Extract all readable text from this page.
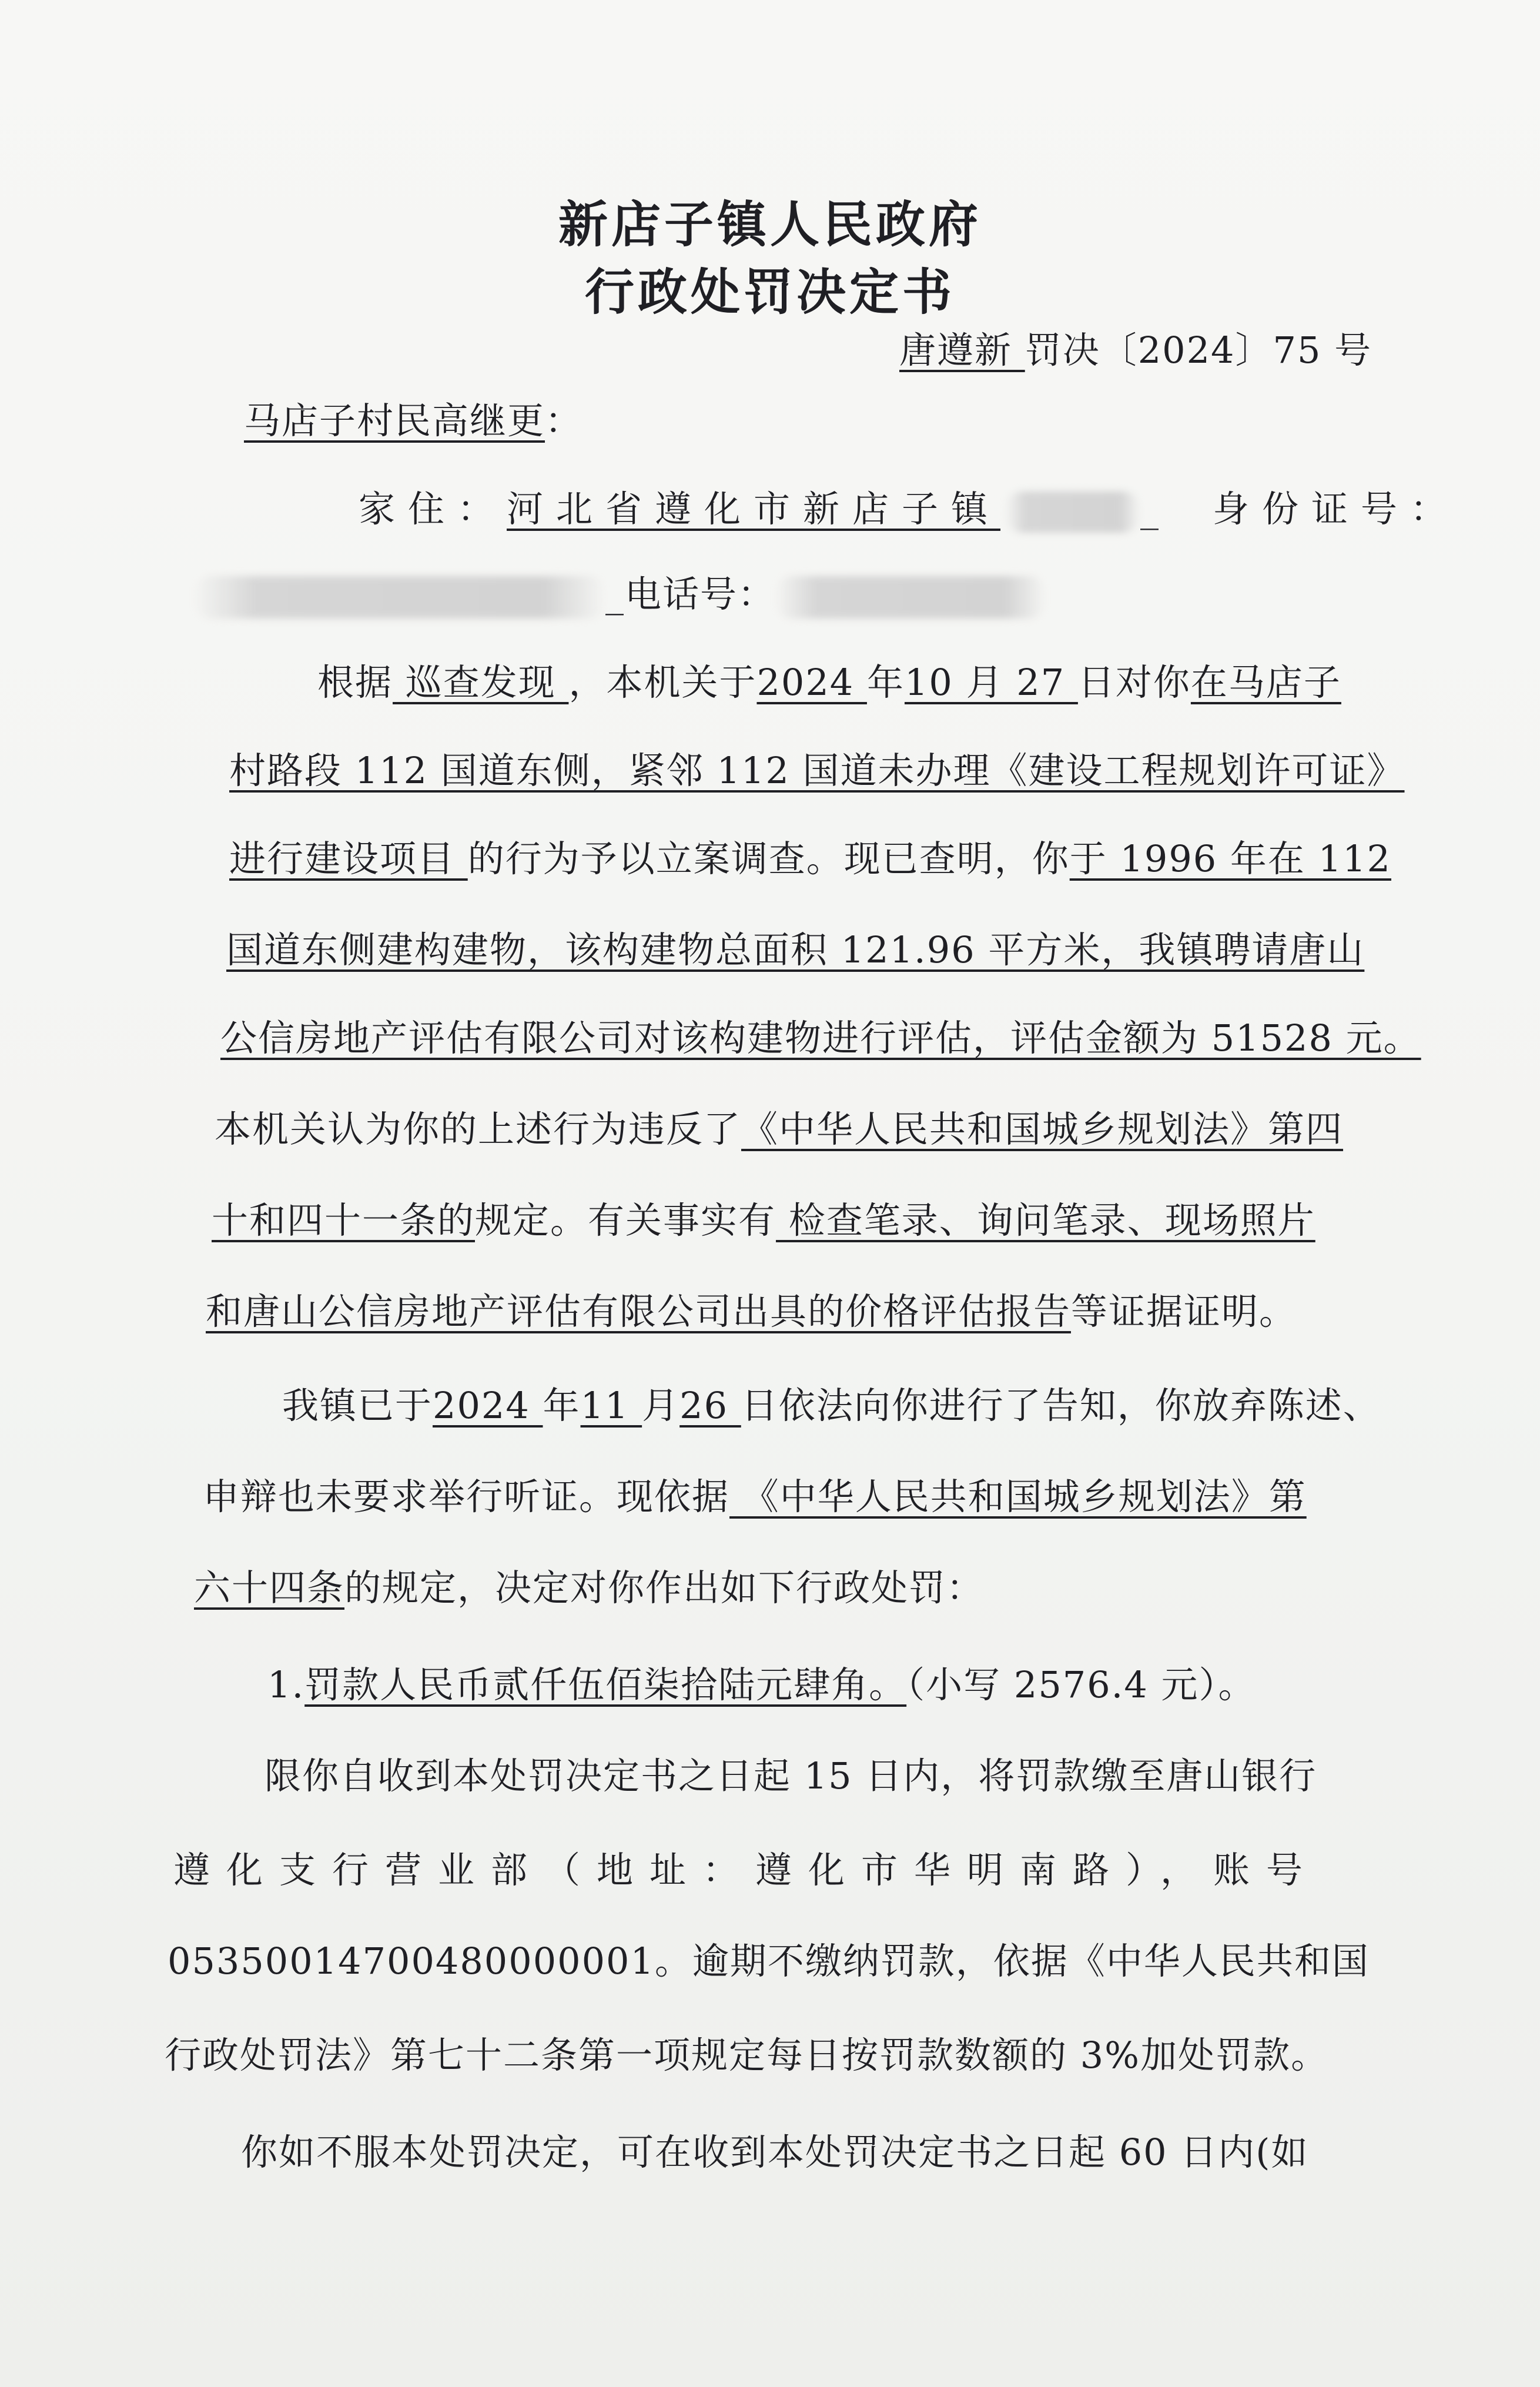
新店子镇人民政府
行政处罚决定书
唐遵新 罚决〔2024〕75 号
马店子村民高继更：
家住：河北省遵化市新店子镇	_ 身份证号：
_电话号：
根据 巡查发现 ，本机关于2024 年10 月 27 日对你在马店子
村路段 112 国道东侧，紧邻 112 国道未办理《建设工程规划许可证》
进行建设项目 的行为予以立案调查。现已查明，你于 1996 年在 112
国道东侧建构建物，该构建物总面积 121.96 平方米，我镇聘请唐山
公信房地产评估有限公司对该构建物进行评估，评估金额为 51528 元。
本机关认为你的上述行为违反了《中华人民共和国城乡规划法》第四
十和四十一条的规定。有关事实有 检查笔录、询问笔录、现场照片
和唐山公信房地产评估有限公司出具的价格评估报告等证据证明。
我镇已于2024 年11 月26 日依法向你进行了告知，你放弃陈述、
申辩也未要求举行听证。现依据 《中华人民共和国城乡规划法》第
六十四条的规定，决定对你作出如下行政处罚：
1.罚款人民币贰仟伍佰柒拾陆元肆角。（小写 2576.4 元）。
限你自收到本处罚决定书之日起 15 日内，将罚款缴至唐山银行
遵化支行营业部（地址：遵化市华明南路），账号
05350014700480000001。逾期不缴纳罚款，依据《中华人民共和国
行政处罚法》第七十二条第一项规定每日按罚款数额的 3%加处罚款。
你如不服本处罚决定，可在收到本处罚决定书之日起 60 日内(如
